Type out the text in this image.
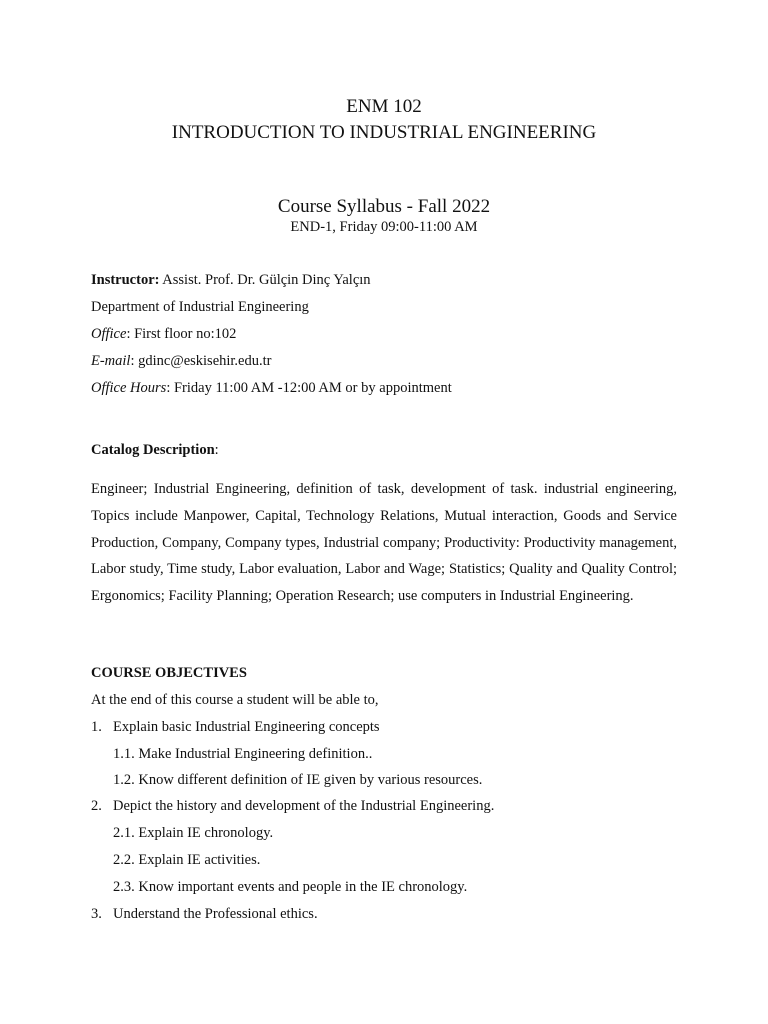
ENM 102
INTRODUCTION TO INDUSTRIAL ENGINEERING
Course Syllabus - Fall 2022
END-1, Friday 09:00-11:00 AM
Instructor: Assist. Prof. Dr. Gülçin Dinç Yalçın
Department of Industrial Engineering
Office: First floor no:102
E-mail: gdinc@eskisehir.edu.tr
Office Hours: Friday 11:00 AM -12:00 AM or by appointment
Catalog Description:
Engineer; Industrial Engineering, definition of task, development of task. industrial engineering, Topics include Manpower, Capital, Technology Relations, Mutual interaction, Goods and Service Production, Company, Company types, Industrial company; Productivity: Productivity management, Labor study, Time study, Labor evaluation, Labor and Wage; Statistics; Quality and Quality Control; Ergonomics; Facility Planning; Operation Research; use computers in Industrial Engineering.
COURSE OBJECTIVES
At the end of this course a student will be able to,
1. Explain basic Industrial Engineering concepts
1.1. Make Industrial Engineering definition..
1.2. Know different definition of IE given by various resources.
2. Depict the history and development of the Industrial Engineering.
2.1. Explain IE chronology.
2.2. Explain IE activities.
2.3. Know important events and people in the IE chronology.
3. Understand the Professional ethics.
